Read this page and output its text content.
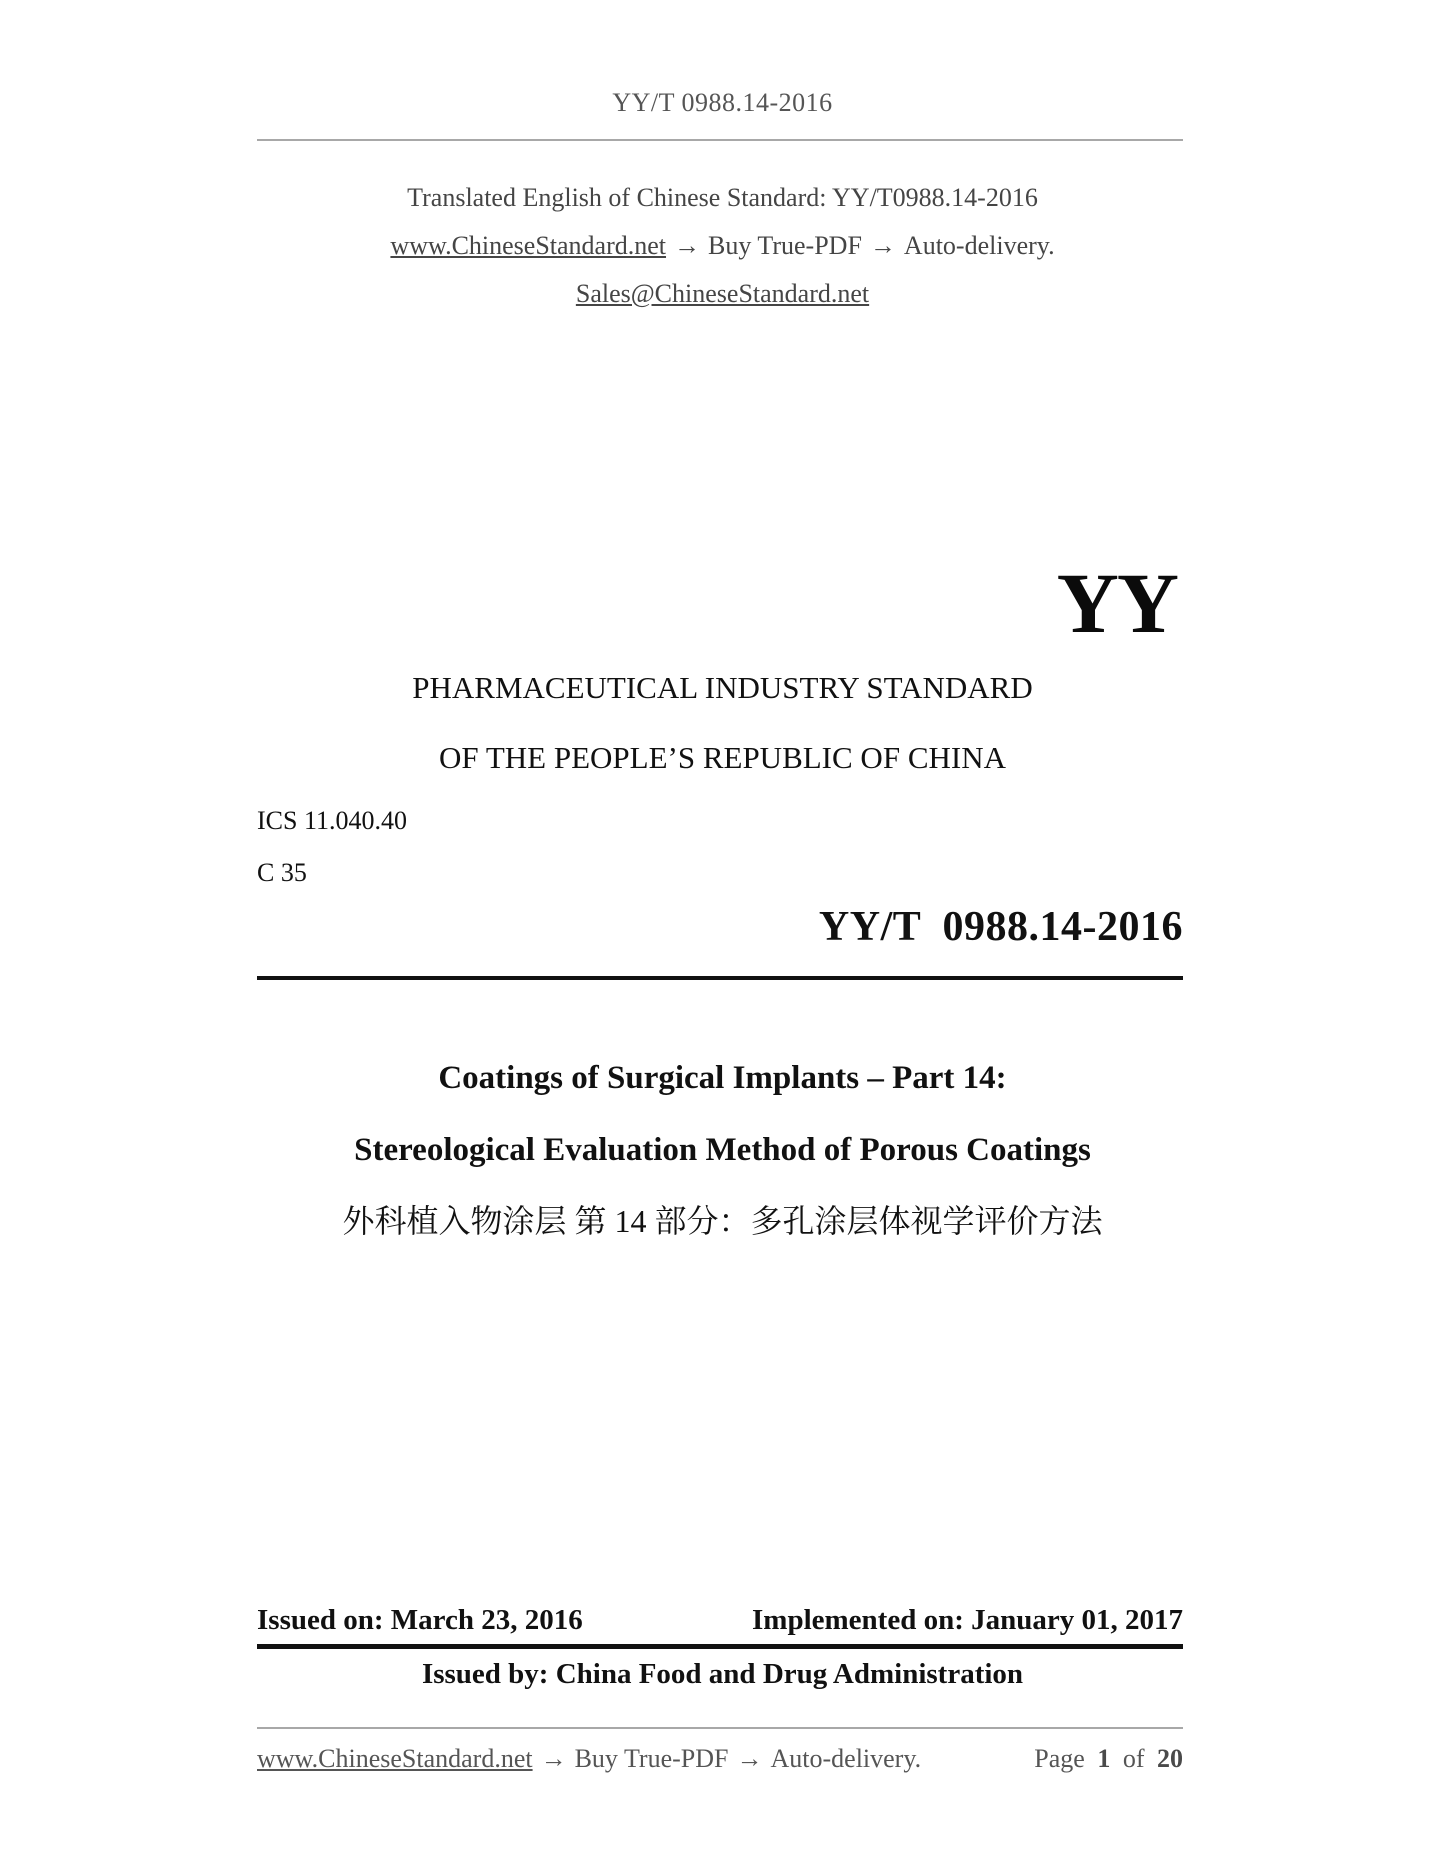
YY/T 0988.14-2016
Translated English of Chinese Standard: YY/T0988.14-2016
www.ChineseStandard.net → Buy True-PDF → Auto-delivery.
Sales@ChineseStandard.net
YY
PHARMACEUTICAL INDUSTRY STANDARD
OF THE PEOPLE’S REPUBLIC OF CHINA
ICS 11.040.40
C 35
YY/T  0988.14-2016
Coatings of Surgical Implants – Part 14:
Stereological Evaluation Method of Porous Coatings
外科植入物涂层 第 14 部分：多孔涂层体视学评价方法
Issued on: March 23, 2016	Implemented on: January 01, 2017
Issued by: China Food and Drug Administration
www.ChineseStandard.net → Buy True-PDF → Auto-delivery.	Page 1 of 20
